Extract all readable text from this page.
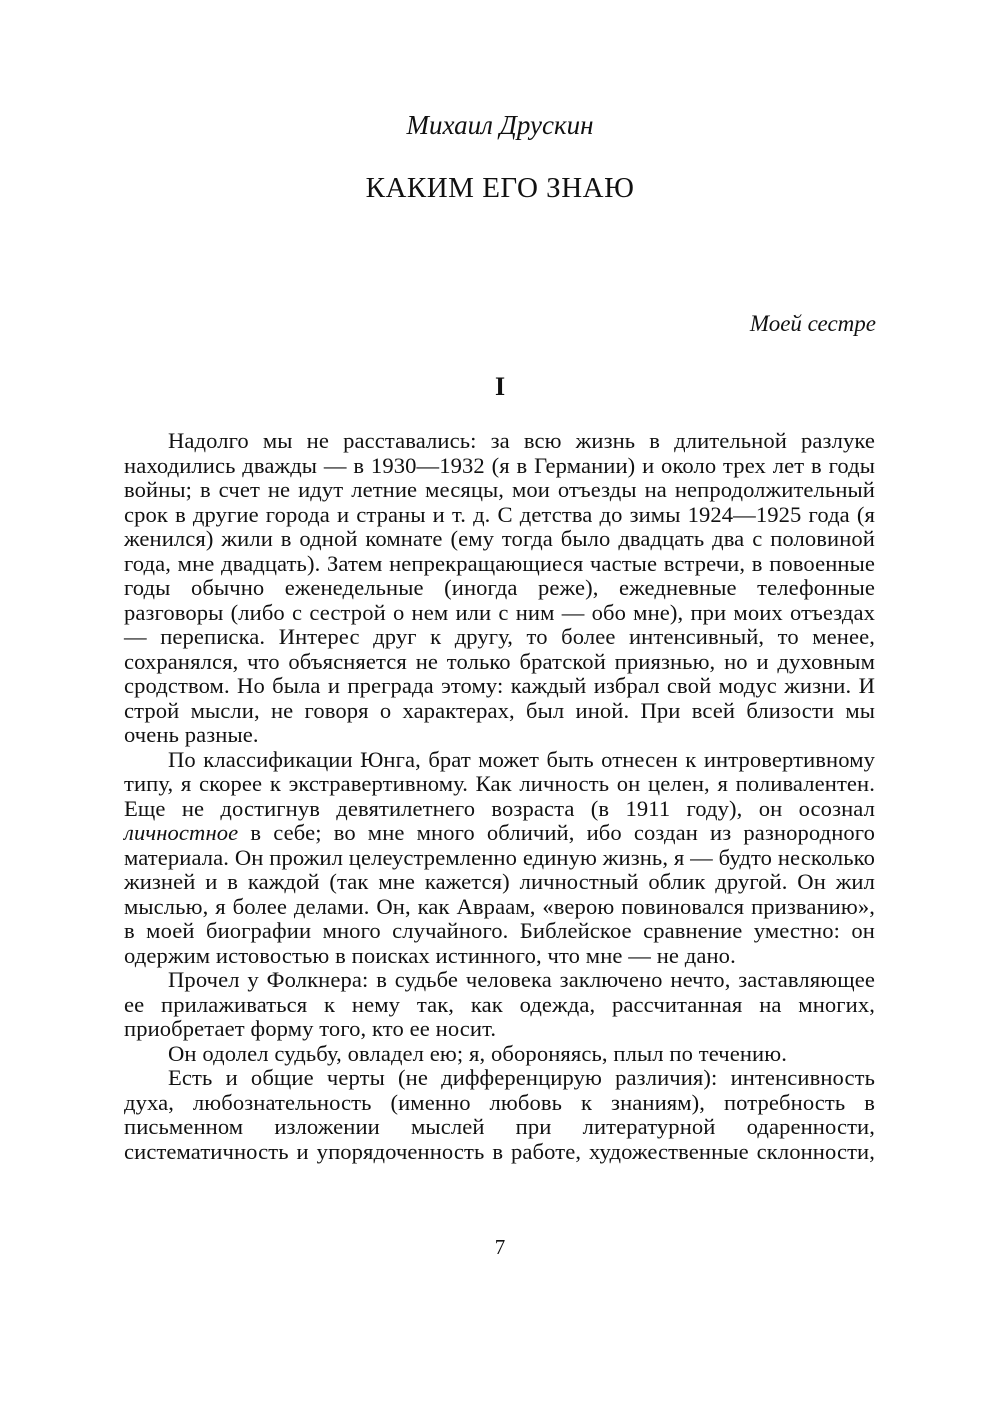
Михаил Друскин
КАКИМ ЕГО ЗНАЮ
Моей сестре
I

Надолго мы не расставались: за всю жизнь в длительной разлуке находились дважды — в 1930—1932 (я в Германии) и около трех лет в годы войны; в счет не идут летние месяцы, мои отъезды на непродолжительный срок в другие города и страны и т. д. С детства до зимы 1924—1925 года (я женился) жили в одной комнате (ему тогда было двадцать два с половиной года, мне двадцать). Затем непрекращающиеся частые встречи, в повоенные годы обычно еженедельные (иногда реже), ежедневные телефонные разговоры (либо с сестрой о нем или с ним — обо мне), при моих отъездах — переписка. Интерес друг к другу, то более интенсивный, то менее, сохранялся, что объясняется не только братской приязнью, но и духовным сродством. Но была и преграда этому: каждый избрал свой модус жизни. И строй мысли, не говоря о характерах, был иной. При всей близости мы очень разные.

По классификации Юнга, брат может быть отнесен к интровертивному типу, я скорее к экстравертивному. Как личность он целен, я поливалентен. Еще не достигнув девятилетнего возраста (в 1911 году), он осознал личностное в себе; во мне много обличий, ибо создан из разнородного материала. Он прожил целеустремленно единую жизнь, я — будто несколько жизней и в каждой (так мне кажется) личностный облик другой. Он жил мыслью, я более делами. Он, как Авраам, «верою повиновался призванию», в моей биографии много случайного. Библейское сравнение уместно: он одержим истовостью в поисках истинного, что мне — не дано.

Прочел у Фолкнера: в судьбе человека заключено нечто, заставляющее ее прилаживаться к нему так, как одежда, рассчитанная на многих, приобретает форму того, кто ее носит.

Он одолел судьбу, овладел ею; я, обороняясь, плыл по течению.

Есть и общие черты (не дифференцирую различия): интенсивность духа, любознательность (именно любовь к знаниям), потребность в письменном изложении мыслей при литературной одаренности, систематичность и упорядоченность в работе, художественные склонности,

7
